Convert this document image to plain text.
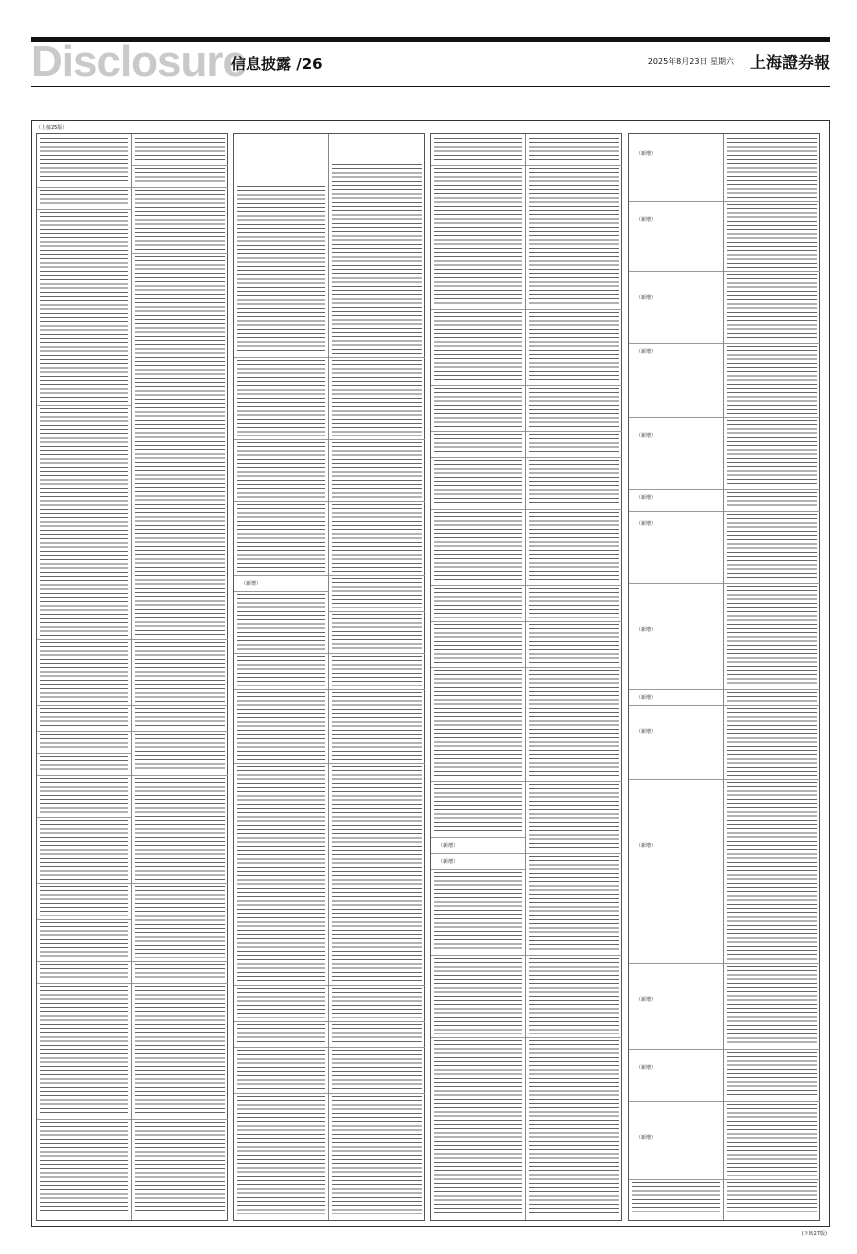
Disclosure
信息披露 /26	2025年8月23日 星期六 上海證券報
（上接25版）
(下转27版)
（新增）
（新增）
（新增）
（新增）
（新增）
（新增）
（新增）
（新增）
（新增）
（新增）
（新增）
（新增）
（新增）
（新增）
（新增）
（新增）
（新增）
